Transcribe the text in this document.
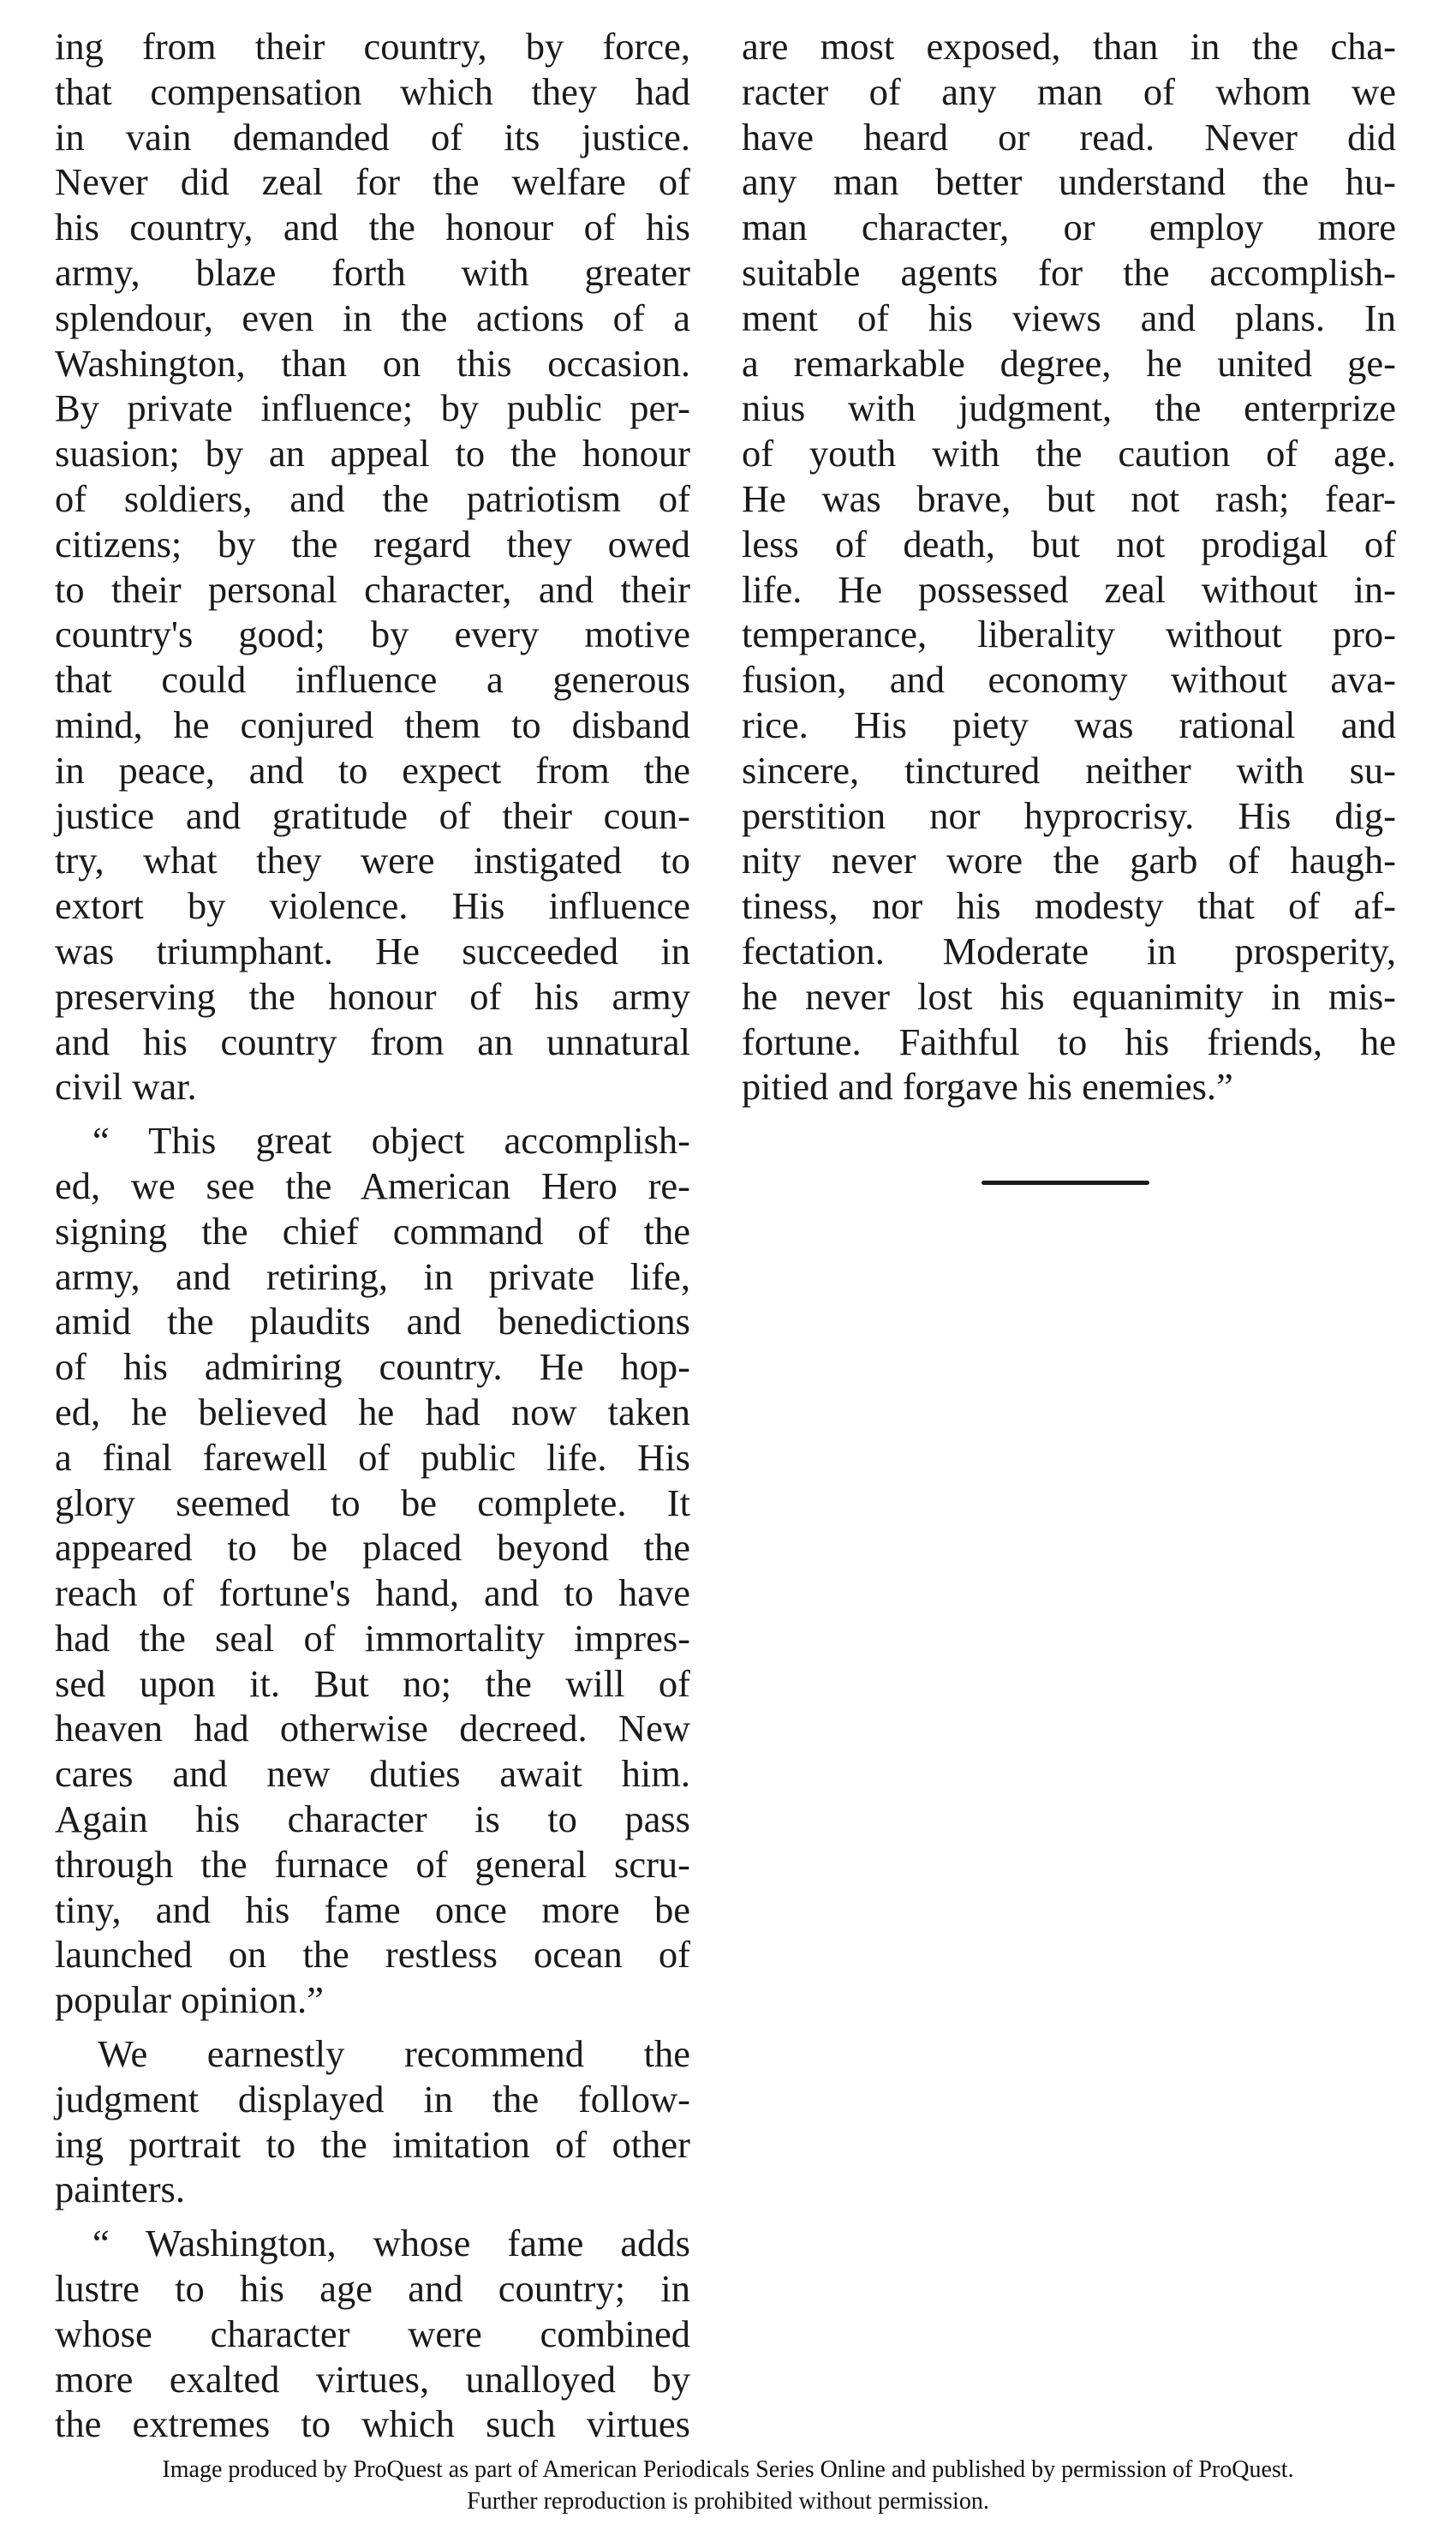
ing from their country, by force,
that compensation which they had
in vain demanded of its justice.
Never did zeal for the welfare of
his country, and the honour of his
army, blaze forth with greater
splendour, even in the actions of a
Washington, than on this occasion.
By private influence; by public per-
suasion; by an appeal to the honour
of soldiers, and the patriotism of
citizens; by the regard they owed
to their personal character, and their
country's good; by every motive
that could influence a generous
mind, he conjured them to disband
in peace, and to expect from the
justice and gratitude of their coun-
try, what they were instigated to
extort by violence. His influence
was triumphant. He succeeded in
preserving the honour of his army
and his country from an unnatural
civil war.
“ This great object accomplish-
ed, we see the American Hero re-
signing the chief command of the
army, and retiring, in private life,
amid the plaudits and benedictions
of his admiring country. He hop-
ed, he believed he had now taken
a final farewell of public life. His
glory seemed to be complete. It
appeared to be placed beyond the
reach of fortune's hand, and to have
had the seal of immortality impres-
sed upon it. But no; the will of
heaven had otherwise decreed. New
cares and new duties await him.
Again his character is to pass
through the furnace of general scru-
tiny, and his fame once more be
launched on the restless ocean of
popular opinion.”
We earnestly recommend the
judgment displayed in the follow-
ing portrait to the imitation of other
painters.
“ Washington, whose fame adds
lustre to his age and country; in
whose character were combined
more exalted virtues, unalloyed by
the extremes to which such virtues
are most exposed, than in the cha-
racter of any man of whom we
have heard or read. Never did
any man better understand the hu-
man character, or employ more
suitable agents for the accomplish-
ment of his views and plans. In
a remarkable degree, he united ge-
nius with judgment, the enterprize
of youth with the caution of age.
He was brave, but not rash; fear-
less of death, but not prodigal of
life. He possessed zeal without in-
temperance, liberality without pro-
fusion, and economy without ava-
rice. His piety was rational and
sincere, tinctured neither with su-
perstition nor hyprocrisy. His dig-
nity never wore the garb of haugh-
tiness, nor his modesty that of af-
fectation. Moderate in prosperity,
he never lost his equanimity in mis-
fortune. Faithful to his friends, he
pitied and forgave his enemies.”
Image produced by ProQuest as part of American Periodicals Series Online and published by permission of ProQuest.
Further reproduction is prohibited without permission.
